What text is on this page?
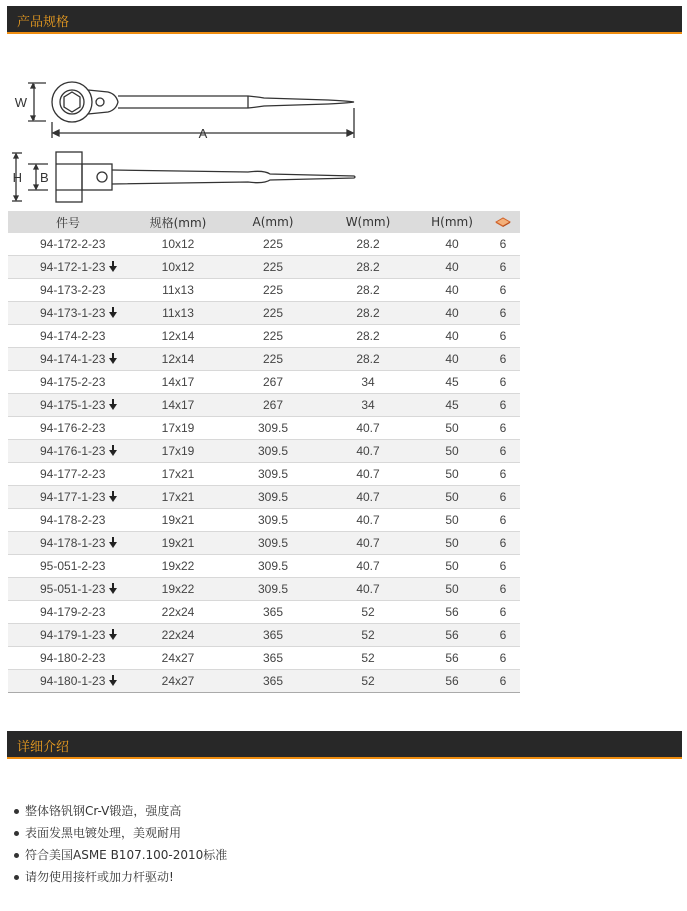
产品规格
W
A
H B
件号	规格(mm)	A(mm)	W(mm)	H(mm)	
94-172-2-23	10x12	225	28.2	40	6
94-172-1-23	10x12	225	28.2	40	6
94-173-2-23	11x13	225	28.2	40	6
94-173-1-23	11x13	225	28.2	40	6
94-174-2-23	12x14	225	28.2	40	6
94-174-1-23	12x14	225	28.2	40	6
94-175-2-23	14x17	267	34	45	6
94-175-1-23	14x17	267	34	45	6
94-176-2-23	17x19	309.5	40.7	50	6
94-176-1-23	17x19	309.5	40.7	50	6
94-177-2-23	17x21	309.5	40.7	50	6
94-177-1-23	17x21	309.5	40.7	50	6
94-178-2-23	19x21	309.5	40.7	50	6
94-178-1-23	19x21	309.5	40.7	50	6
95-051-2-23	19x22	309.5	40.7	50	6
95-051-1-23	19x22	309.5	40.7	50	6
94-179-2-23	22x24	365	52	56	6
94-179-1-23	22x24	365	52	56	6
94-180-2-23	24x27	365	52	56	6
94-180-1-23	24x27	365	52	56	6
详细介绍
整体铬钒钢Cr-V锻造，强度高
表面发黑电镀处理，美观耐用
符合美国ASME B107.100-2010标准
请勿使用接杆或加力杆驱动!
